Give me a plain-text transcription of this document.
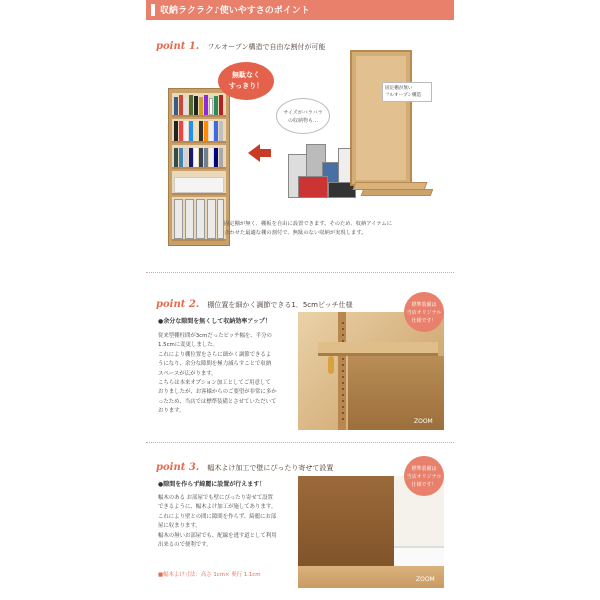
収納ラクラク♪使いやすさのポイント
point 1. フルオープン構造で自由な割付が可能
無駄なく
すっきり！
サイズがバラバラ
の収納物も…
固定棚が無い
フルオープン構造
固定棚が無く、棚板を自由に設置できます。そのため、収納アイテムに
合わせた最適な棚の割付で、無駄のない収納が実現します。
point 2. 棚位置を細かく調節できる1．5cmピッチ仕様
●余分な隙間を無くして収納効率アップ！
従来型棚柱間が3cmだったピッチ幅を、半分の
1.5cmに変更しました。
これにより棚位置をさらに細かく調節できるよ
うになり、余分な隙間を極力減らすことで収納
スペースが広がります。
こちらは本来オプション加工としてご用意して
おりましたが、お客様からのご要望が非常に多か
ったため、当店では標準装備とさせていただいて
おります。
ZOOM
標準装備は
当店オリジナル
仕様です！
point 3. 幅木よけ加工で壁にぴったり寄せて設置
●隙間を作らず綺麗に設置が行えます！
幅木のある お部屋でも壁にぴったり寄せて設置
できるように、幅木よけ加工が施してあります。
これにより壁との間に隙間を作らず、綺麗にお部
屋に収まります。
幅木の無いお部屋でも、配線を逃す道として利用
出来るので便利です。
■幅木よけ寸法：高さ 1cm× 奥行 1.1cm
ZOOM
標準装備は
当店オリジナル
仕様です！
